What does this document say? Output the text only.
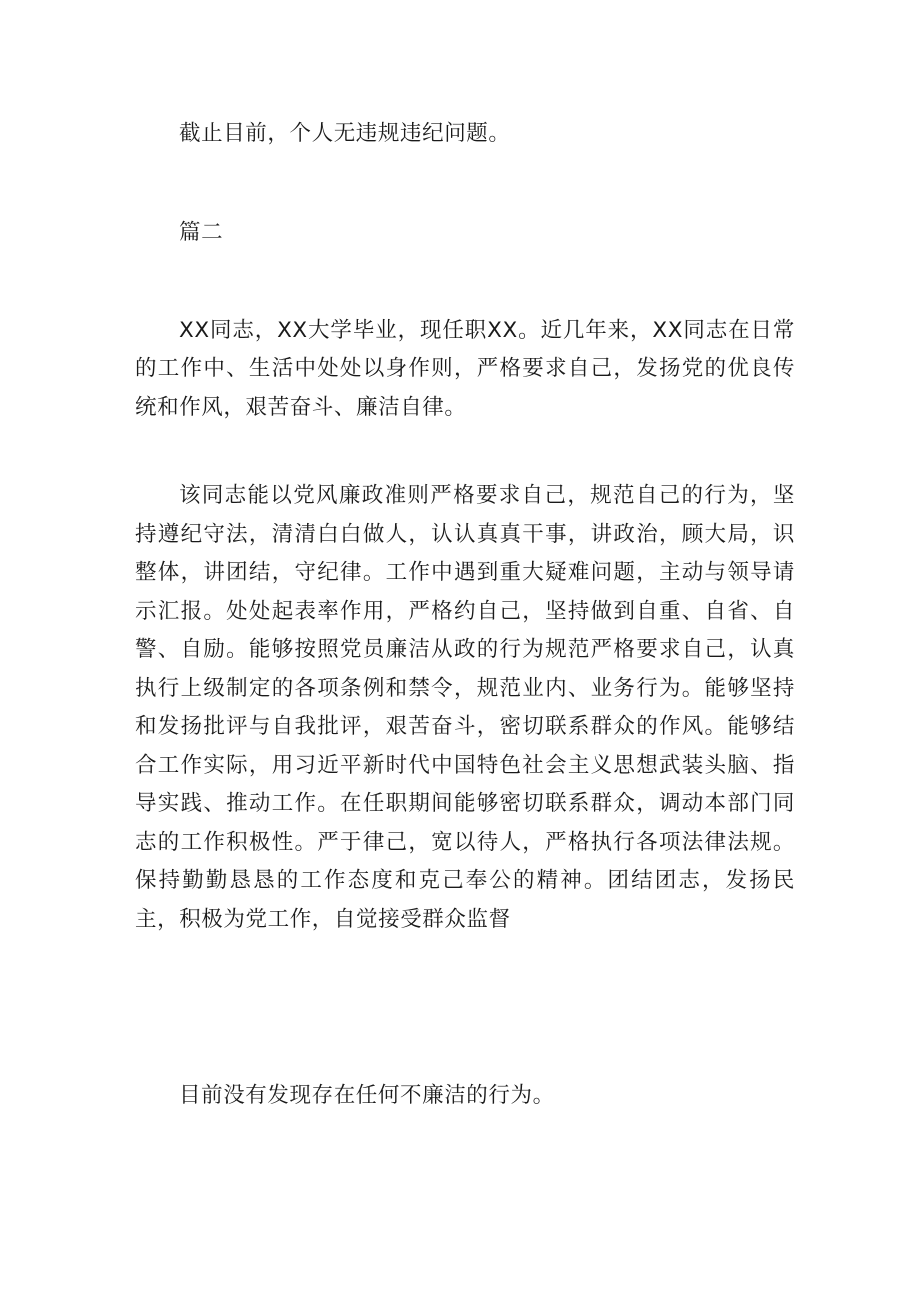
截止目前，个人无违规违纪问题。

篇二

XX同志，XX大学毕业，现任职XX。近几年来，XX同志在日常的工作中、生活中处处以身作则，严格要求自己，发扬党的优良传统和作风，艰苦奋斗、廉洁自律。

该同志能以党风廉政准则严格要求自己，规范自己的行为，坚持遵纪守法，清清白白做人，认认真真干事，讲政治，顾大局，识整体，讲团结，守纪律。工作中遇到重大疑难问题，主动与领导请示汇报。处处起表率作用，严格约自己，坚持做到自重、自省、自警、自励。能够按照党员廉洁从政的行为规范严格要求自己，认真执行上级制定的各项条例和禁令，规范业内、业务行为。能够坚持和发扬批评与自我批评，艰苦奋斗，密切联系群众的作风。能够结合工作实际，用习近平新时代中国特色社会主义思想武装头脑、指导实践、推动工作。在任职期间能够密切联系群众，调动本部门同志的工作积极性。严于律己，宽以待人，严格执行各项法律法规。保持勤勤恳恳的工作态度和克己奉公的精神。团结团志，发扬民主，积极为党工作，自觉接受群众监督

目前没有发现存在任何不廉洁的行为。
